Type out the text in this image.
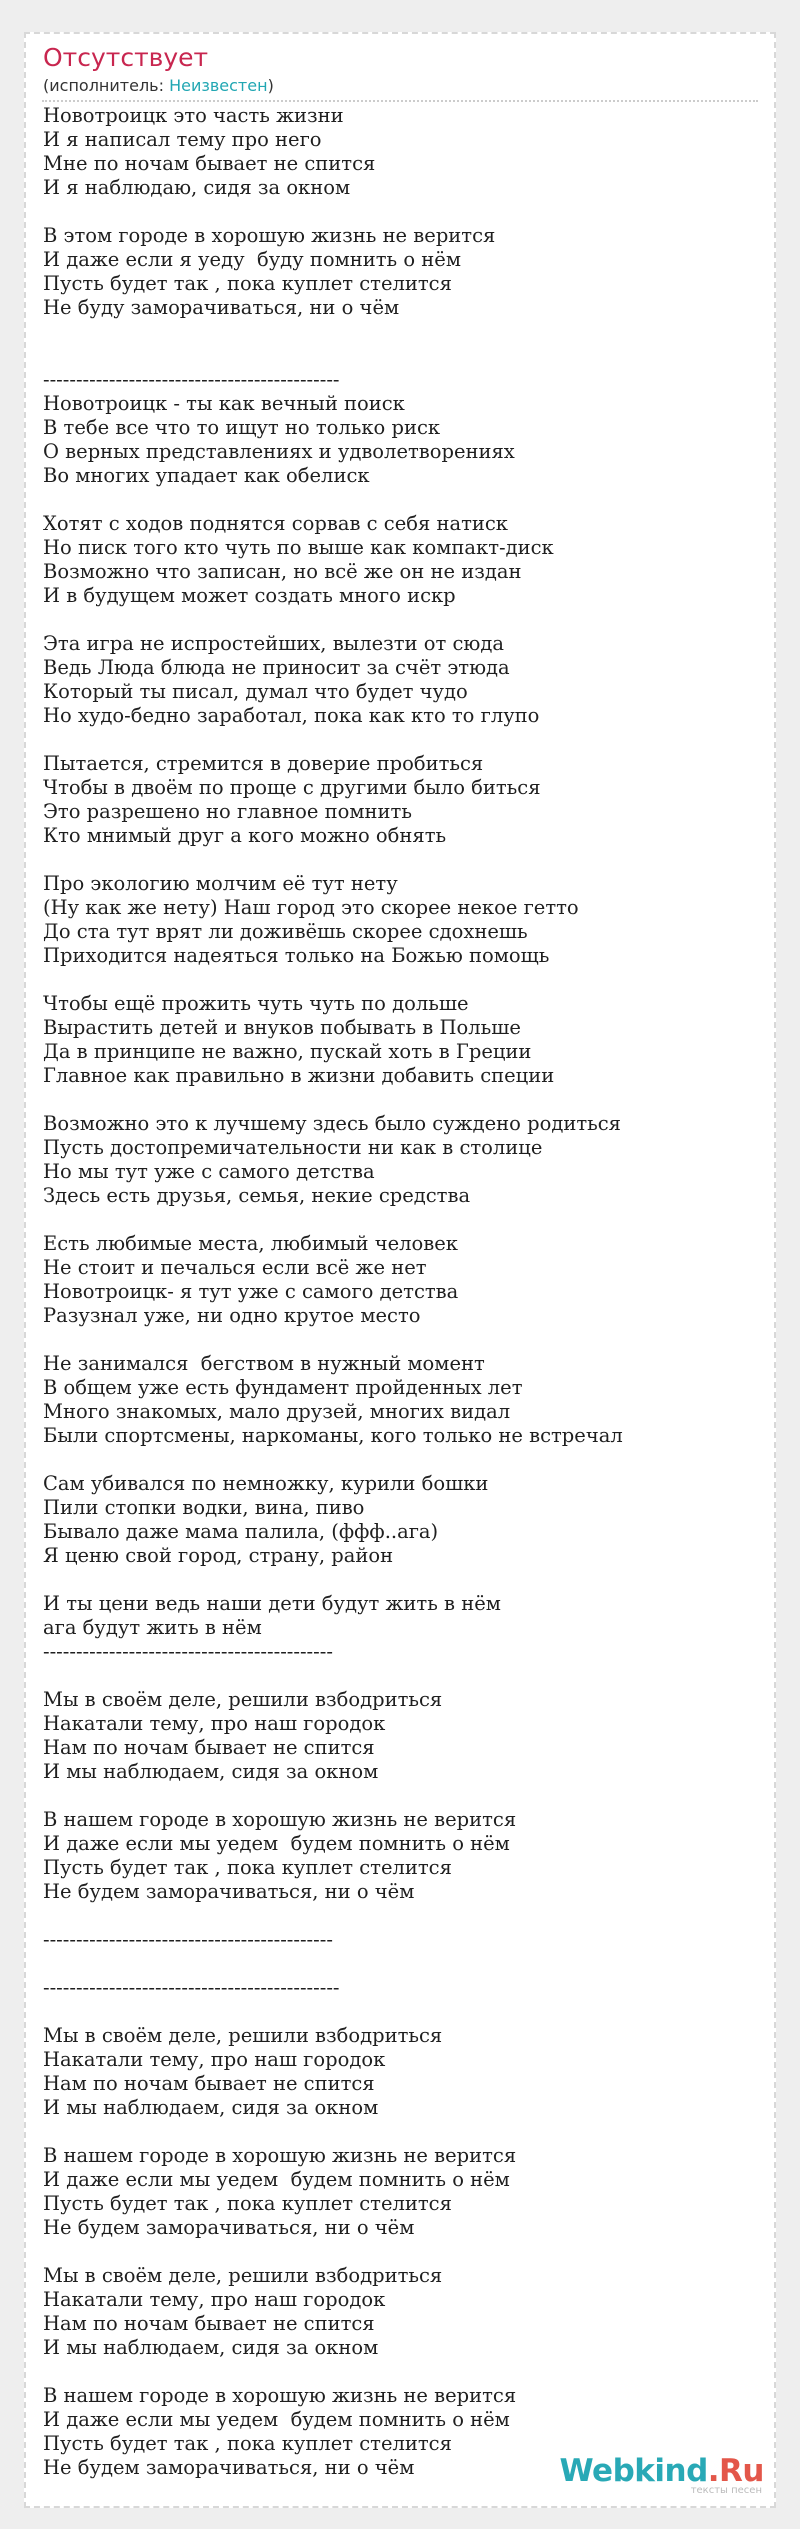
Отсутствует
(исполнитель: Неизвестен)
Новотроицк это часть жизни
И я написал тему про него
Мне по ночам бывает не спится
И я наблюдаю, сидя за окном
В этом городе в хорошую жизнь не верится
И даже если я уеду  буду помнить о нём
Пусть будет так , пока куплет стелится
Не буду заморачиваться, ни о чём
---------------------------------------------
Новотроицк - ты как вечный поиск
В тебе все что то ищут но только риск
О верных представлениях и удволетворениях
Во многих упадает как обелиск
Хотят с ходов поднятся сорвав с себя натиск
Но писк того кто чуть по выше как компакт-диск
Возможно что записан, но всё же он не издан
И в будущем может создать много искр
Эта игра не испростейших, вылезти от сюда
Ведь Люда блюда не приносит за счёт этюда
Который ты писал, думал что будет чудо
Но худо-бедно заработал, пока как кто то глупо
Пытается, стремится в доверие пробиться
Чтобы в двоём по проще с другими было биться
Это разрешено но главное помнить
Кто мнимый друг а кого можно обнять
Про экологию молчим её тут нету
(Ну как же нету) Наш город это скорее некое гетто
До ста тут врят ли доживёшь скорее сдохнешь
Приходится надеяться только на Божью помощь
Чтобы ещё прожить чуть чуть по дольше
Вырастить детей и внуков побывать в Польше
Да в принципе не важно, пускай хоть в Греции
Главное как правильно в жизни добавить специи
Возможно это к лучшему здесь было суждено родиться
Пусть достопремичательности ни как в столице
Но мы тут уже с самого детства
Здесь есть друзья, семья, некие средства
Есть любимые места, любимый человек
Не стоит и печалься если всё же нет
Новотроицк- я тут уже с самого детства
Разузнал уже, ни одно крутое место
Не занимался  бегством в нужный момент
В общем уже есть фундамент пройденных лет
Много знакомых, мало друзей, многих видал
Были спортсмены, наркоманы, кого только не встречал
Сам убивался по немножку, курили бошки
Пили стопки водки, вина, пиво
Бывало даже мама палила, (ффф..ага)
Я ценю свой город, страну, район
И ты цени ведь наши дети будут жить в нём
ага будут жить в нём
--------------------------------------------
Мы в своём деле, решили взбодриться
Накатали тему, про наш городок
Нам по ночам бывает не спится
И мы наблюдаем, сидя за окном
В нашем городе в хорошую жизнь не верится
И даже если мы уедем  будем помнить о нём
Пусть будет так , пока куплет стелится
Не будем заморачиваться, ни о чём
--------------------------------------------
---------------------------------------------
Мы в своём деле, решили взбодриться
Накатали тему, про наш городок
Нам по ночам бывает не спится
И мы наблюдаем, сидя за окном
В нашем городе в хорошую жизнь не верится
И даже если мы уедем  будем помнить о нём
Пусть будет так , пока куплет стелится
Не будем заморачиваться, ни о чём
Мы в своём деле, решили взбодриться
Накатали тему, про наш городок
Нам по ночам бывает не спится
И мы наблюдаем, сидя за окном
В нашем городе в хорошую жизнь не верится
И даже если мы уедем  будем помнить о нём
Пусть будет так , пока куплет стелится
Не будем заморачиваться, ни о чём	Webkind.Ru
тексты песен
